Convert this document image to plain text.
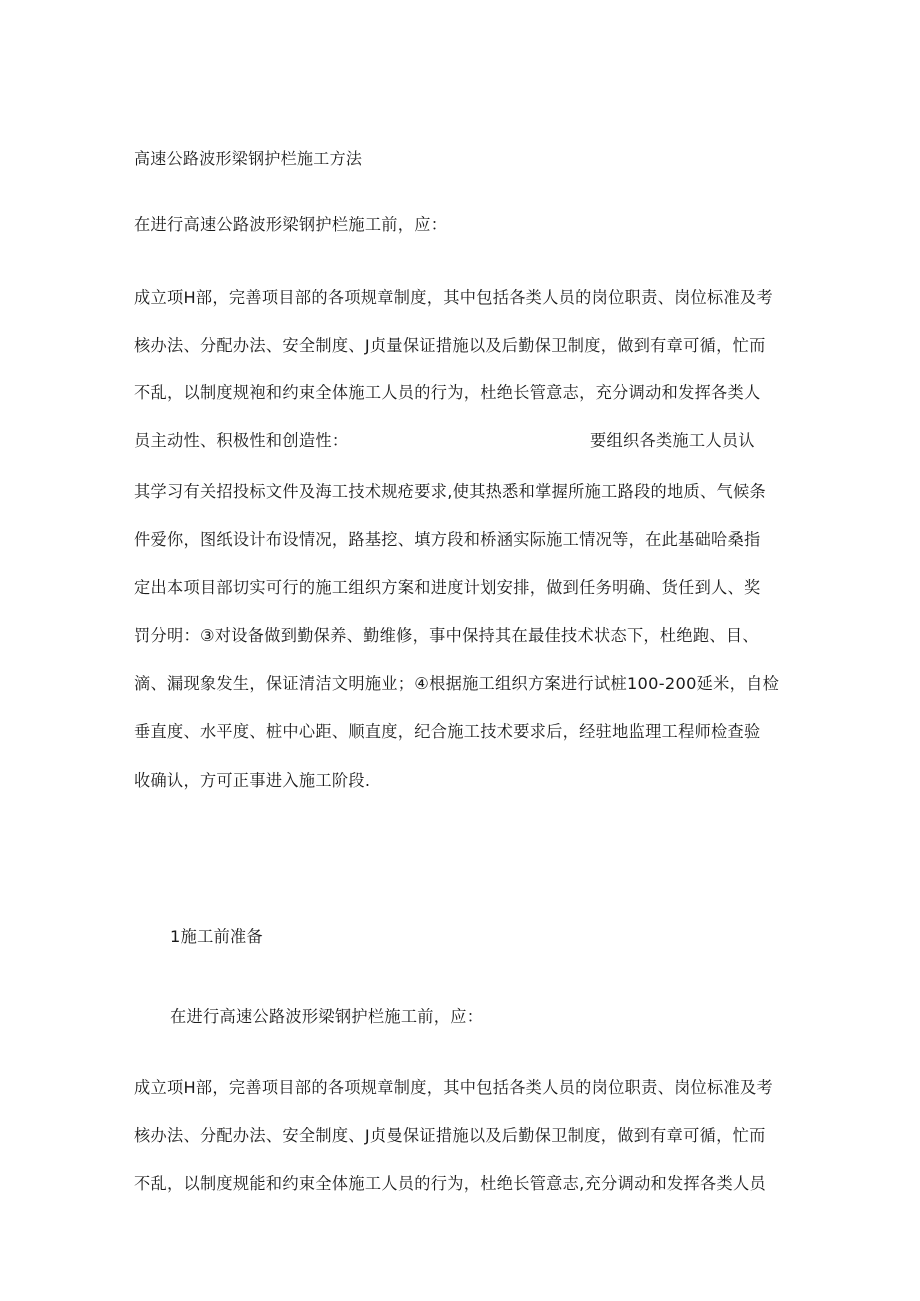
高速公路波形梁钢护栏施工方法
在进行高速公路波形梁钢护栏施工前，应：
成立项H部，完善项目部的各项规章制度，其中包括各类人员的岗位职责、岗位标准及考
核办法、分配办法、安全制度、J贞量保证措施以及后勤保卫制度，做到有章可循，忙而
不乱，以制度规袍和约束全体施工人员的行为，杜绝长管意志，充分调动和发挥各类人
员主动性、积极性和创造性：	要组织各类施工人员认
其学习有关招投标文件及海工技术规疮要求,使其热悉和掌握所施工路段的地质、气候条
件爱你，图纸设计布设情况，路基挖、填方段和桥涵实际施工情况等，在此基础哈桑指
定出本项目部切实可行的施工组织方案和进度计划安排，做到任务明确、货任到人、奖
罚分明：③对设备做到勤保养、勤维修，事中保持其在最佳技术状态下，杜绝跑、目、
滴、漏现象发生，保证清洁文明施业；④根据施工组织方案进行试桩100-200延米，自检
垂直度、水平度、桩中心距、顺直度，纪合施工技术要求后，经驻地监理工程师检查验
收确认，方可正事进入施工阶段.
1施工前准备
在进行高速公路波形梁钢护栏施工前，应：
成立项H部，完善项目部的各项规章制度，其中包括各类人员的岗位职责、岗位标准及考
核办法、分配办法、安全制度、J贞曼保证措施以及后勤保卫制度，做到有章可循，忙而
不乱，以制度规能和约束全体施工人员的行为，杜绝长管意志,充分调动和发挥各类人员
